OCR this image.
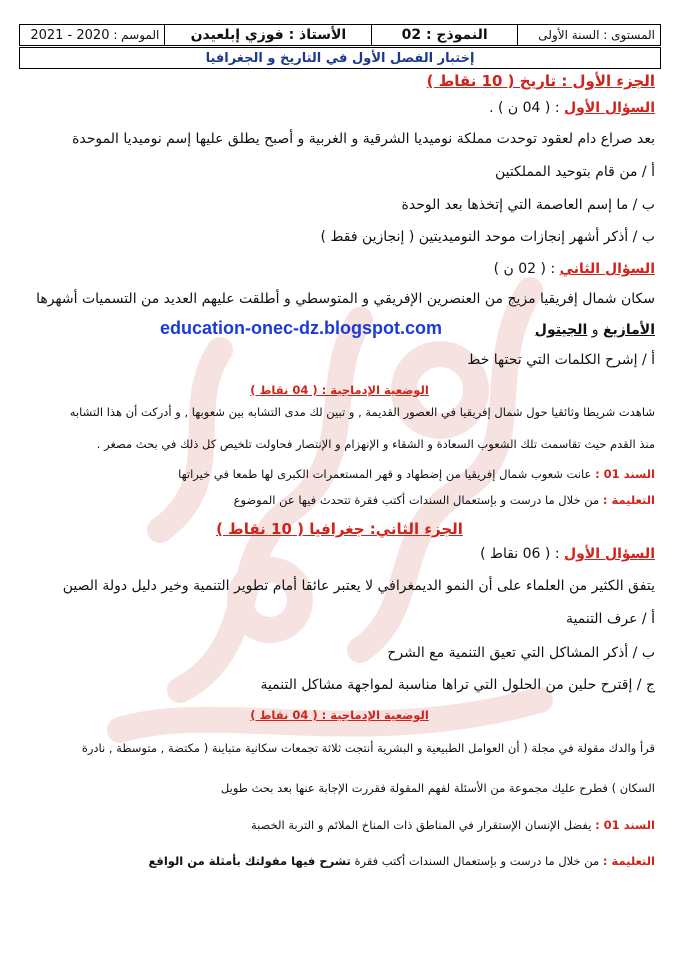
المستوى : السنة الأولى	النموذج : 02	الأستاذ : فوزي إبلعيدن	الموسم : 2020 - 2021
إختبار الفصل الأول في التاريخ و الجغرافيا
الجزء الأول : تاريخ ( 10 نقاط )
السؤال الأول : ( 04 ن ) .
بعد صراع دام لعقود توحدت مملكة نوميديا الشرقية و الغربية و أصبح يطلق عليها إسم نوميديا الموحدة
أ / من قام بتوحيد المملكتين
ب / ما إسم العاصمة التي إتخذها بعد الوحدة
ب / أذكر أشهر إنجازات موحد النوميديتين ( إنجازين فقط )
السؤال الثاني : ( 02 ن )
سكان شمال إفريقيا مزيج من العنصرين الإفريقي و المتوسطي و أطلقت عليهم العديد من التسميات أشهرها
الأمازيغ و الجيتول
education-onec-dz.blogspot.com
أ / إشرح الكلمات التي تحتها خط
الوضعية الإدماجية : ( 04 نقاط )
شاهدت شريطا وثائقيا حول شمال إفريقيا في العصور القديمة , و تبين لك مدى التشابه بين شعوبها , و أدركت أن هذا التشابه
منذ القدم حيث تقاسمت تلك الشعوب السعادة و الشقاء و الإنهزام و الإنتصار فحاولت تلخيص كل ذلك في بحث مصغر .
السند 01 : عانت شعوب شمال إفريقيا من إضطهاد و قهر المستعمرات الكبرى لها طمعا في خيراتها
التعليمة : من خلال ما درست و بإستعمال السندات أكتب فقرة تتحدث فيها عن الموضوع
الجزء الثاني: جغرافيا ( 10 نقاط )
السؤال الأول : ( 06 نقاط )
يتفق الكثير من العلماء على أن النمو الديمغرافي لا يعتبر عائقا أمام تطوير التنمية وخير دليل دولة الصين
أ / عرف التنمية
ب / أذكر المشاكل التي تعيق التنمية مع الشرح
ج / إقترح حلين من الحلول التي تراها مناسبة لمواجهة مشاكل التنمية
الوضعية الإدماجية : ( 04 نقاط )
قرأ والدك مقولة في مجلة ( أن العوامل الطبيعية و البشرية أنتجت ثلاثة تجمعات سكانية متباينة ( مكتضة , متوسطة , نادرة
السكان ) فطرح عليك مجموعة من الأسئلة لفهم المقولة فقررت الإجابة عنها بعد بحث طويل
السند 01 : يفضل الإنسان الإستقرار في المناطق ذات المناخ الملائم و التربة الخصبة
التعليمة : من خلال ما درست و بإستعمال السندات أكتب فقرة تشرح فيها مقولتك بأمثلة من الواقع
